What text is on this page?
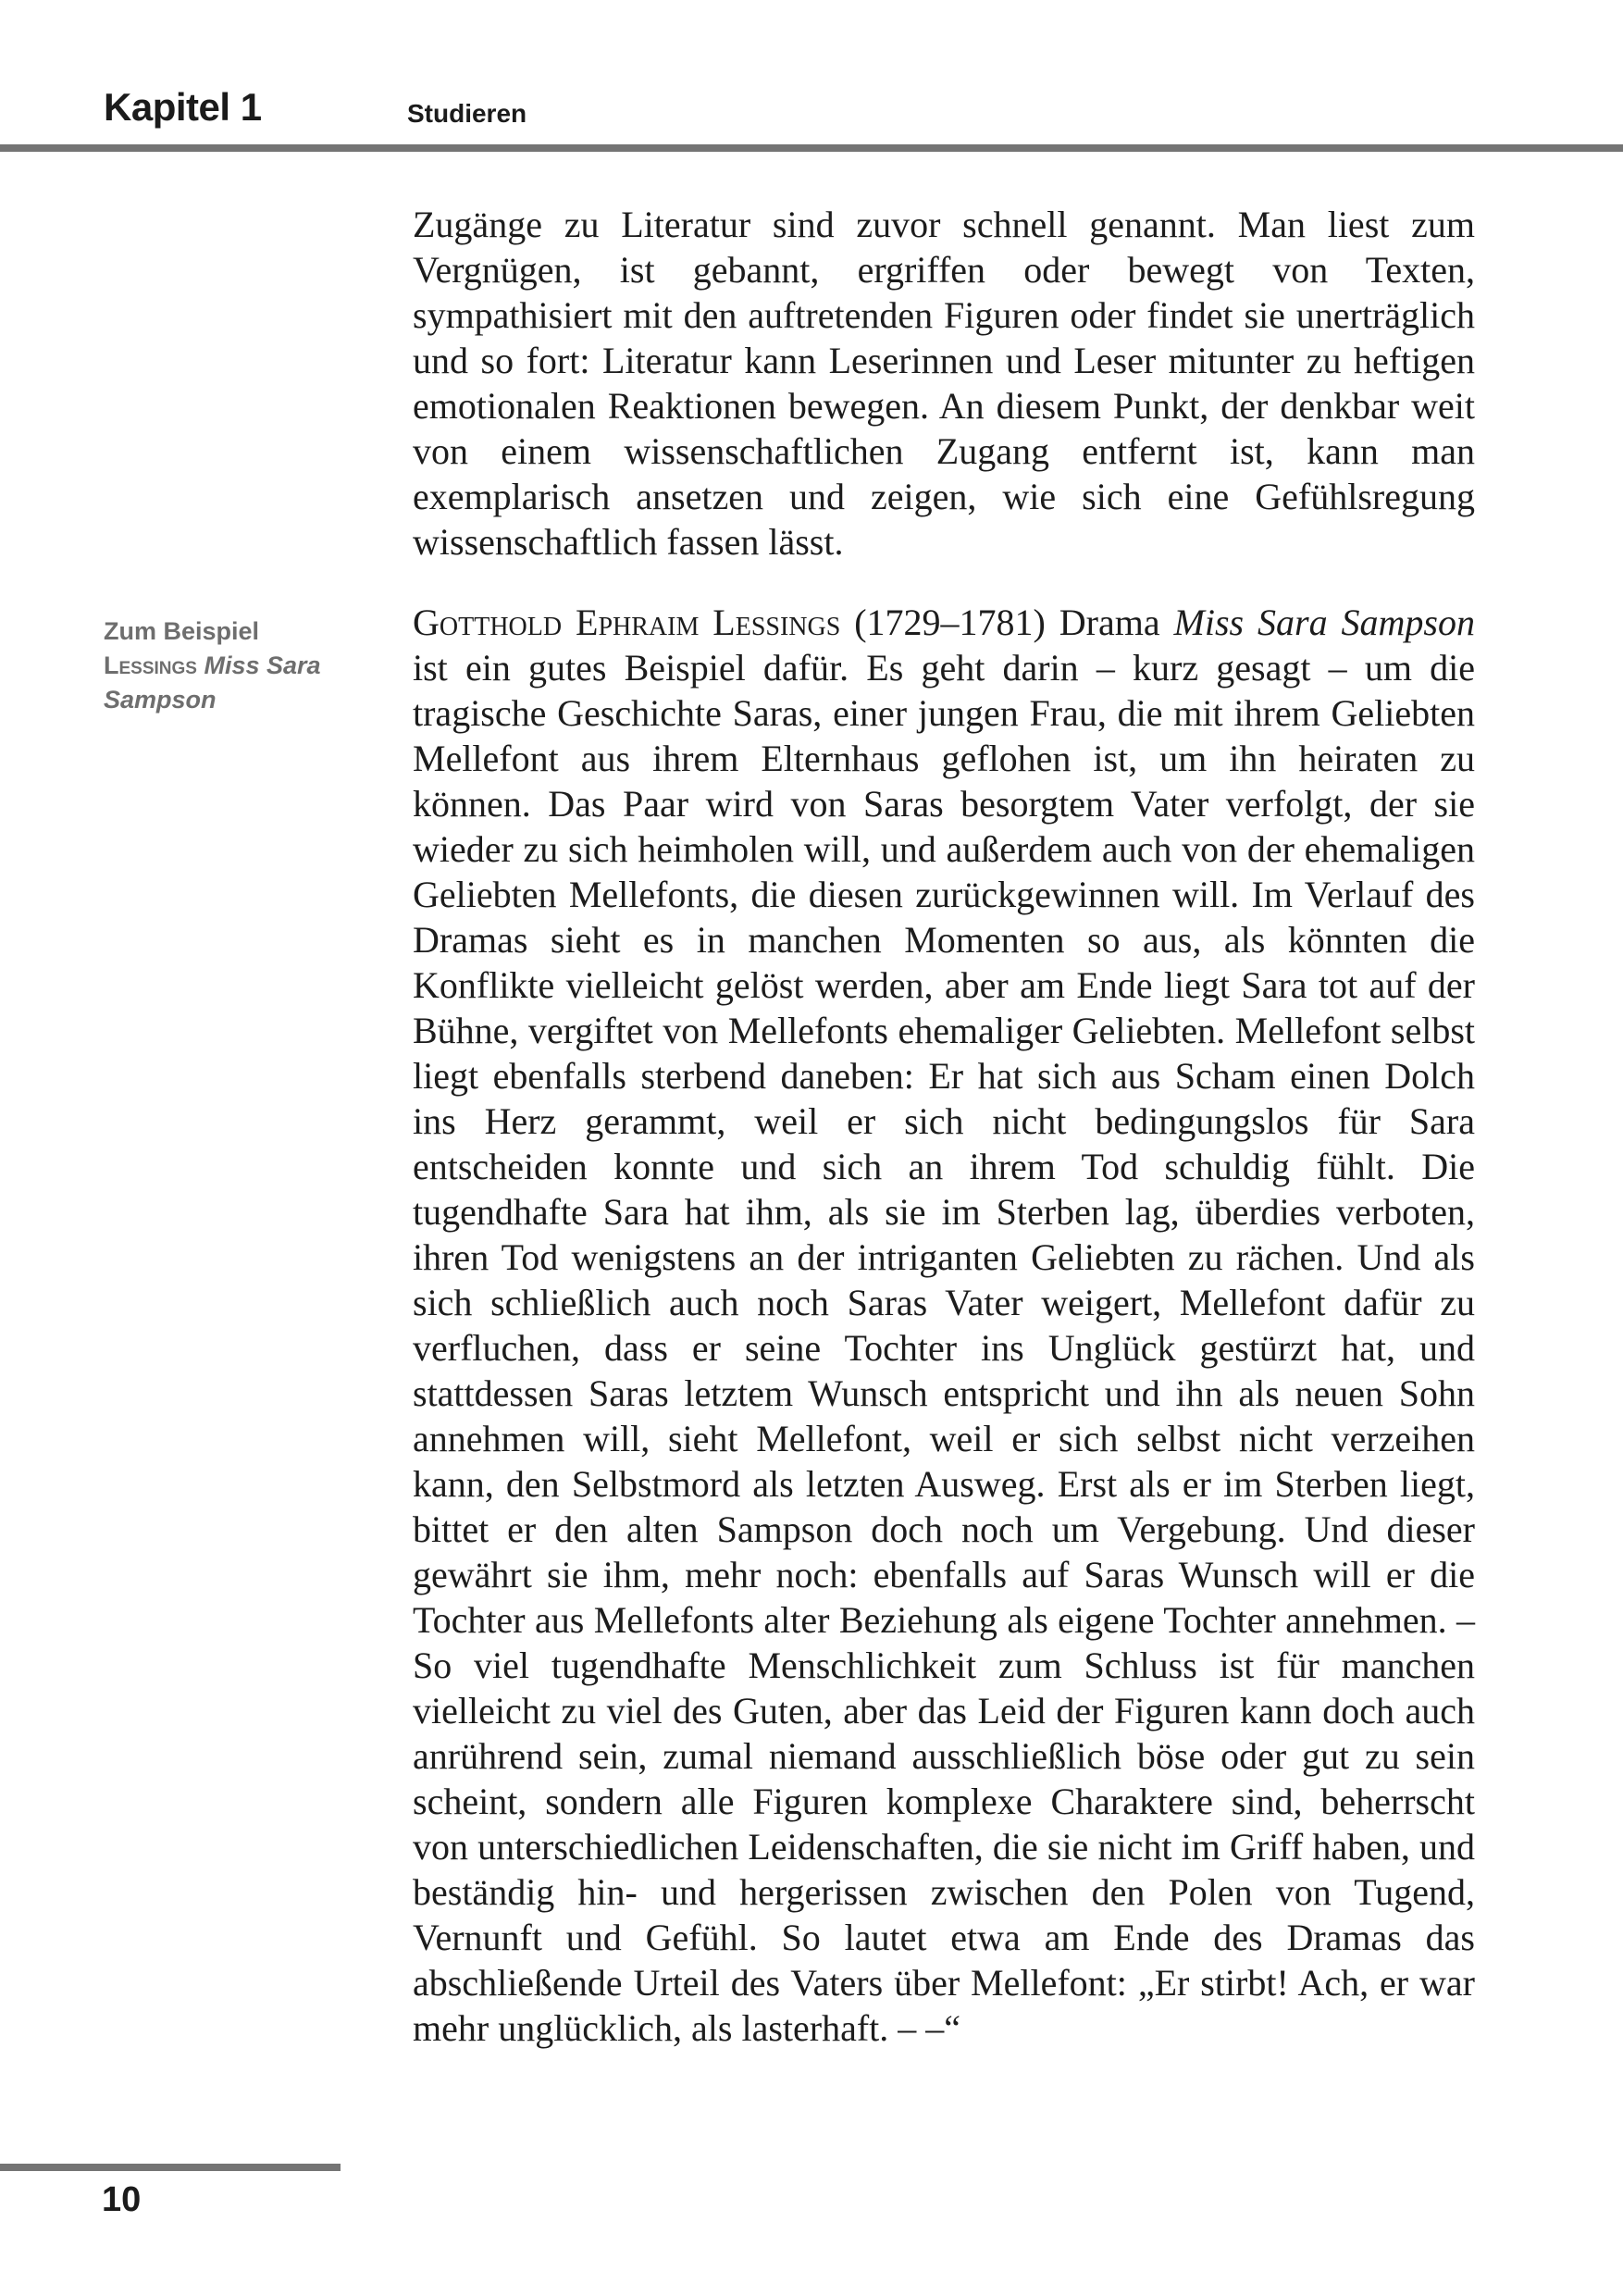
Kapitel 1	Studieren
Zum Beispiel
Lessings Miss Sara Sampson

Zugänge zu Literatur sind zuvor schnell genannt. Man liest zum Vergnügen, ist gebannt, ergriffen oder bewegt von Texten, sympathisiert mit den auftretenden Figuren oder findet sie unerträglich und so fort: Literatur kann Leserinnen und Leser mitunter zu heftigen emotionalen Reaktionen bewegen. An diesem Punkt, der denkbar weit von einem wissenschaftlichen Zugang entfernt ist, kann man exemplarisch ansetzen und zeigen, wie sich eine Gefühlsregung wissenschaftlich fassen lässt.

Gotthold Ephraim Lessings (1729–1781) Drama Miss Sara Sampson ist ein gutes Beispiel dafür. Es geht darin – kurz gesagt – um die tragische Geschichte Saras, einer jungen Frau, die mit ihrem Geliebten Mellefont aus ihrem Elternhaus geflohen ist, um ihn heiraten zu können. Das Paar wird von Saras besorgtem Vater verfolgt, der sie wieder zu sich heimholen will, und außerdem auch von der ehemaligen Geliebten Mellefonts, die diesen zurückgewinnen will. Im Verlauf des Dramas sieht es in manchen Momenten so aus, als könnten die Konflikte vielleicht gelöst werden, aber am Ende liegt Sara tot auf der Bühne, vergiftet von Mellefonts ehemaliger Geliebten. Mellefont selbst liegt ebenfalls sterbend daneben: Er hat sich aus Scham einen Dolch ins Herz gerammt, weil er sich nicht bedingungslos für Sara entscheiden konnte und sich an ihrem Tod schuldig fühlt. Die tugendhafte Sara hat ihm, als sie im Sterben lag, überdies verboten, ihren Tod wenigstens an der intriganten Geliebten zu rächen. Und als sich schließlich auch noch Saras Vater weigert, Mellefont dafür zu verfluchen, dass er seine Tochter ins Unglück gestürzt hat, und stattdessen Saras letztem Wunsch entspricht und ihn als neuen Sohn annehmen will, sieht Mellefont, weil er sich selbst nicht verzeihen kann, den Selbstmord als letzten Ausweg. Erst als er im Sterben liegt, bittet er den alten Sampson doch noch um Vergebung. Und dieser gewährt sie ihm, mehr noch: ebenfalls auf Saras Wunsch will er die Tochter aus Mellefonts alter Beziehung als eigene Tochter annehmen. – So viel tugendhafte Menschlichkeit zum Schluss ist für manchen vielleicht zu viel des Guten, aber das Leid der Figuren kann doch auch anrührend sein, zumal niemand ausschließlich böse oder gut zu sein scheint, sondern alle Figuren komplexe Charaktere sind, beherrscht von unterschiedlichen Leidenschaften, die sie nicht im Griff haben, und beständig hin- und hergerissen zwischen den Polen von Tugend, Vernunft und Gefühl. So lautet etwa am Ende des Dramas das abschließende Urteil des Vaters über Mellefont: „Er stirbt! Ach, er war mehr unglücklich, als lasterhaft. – –“

10
